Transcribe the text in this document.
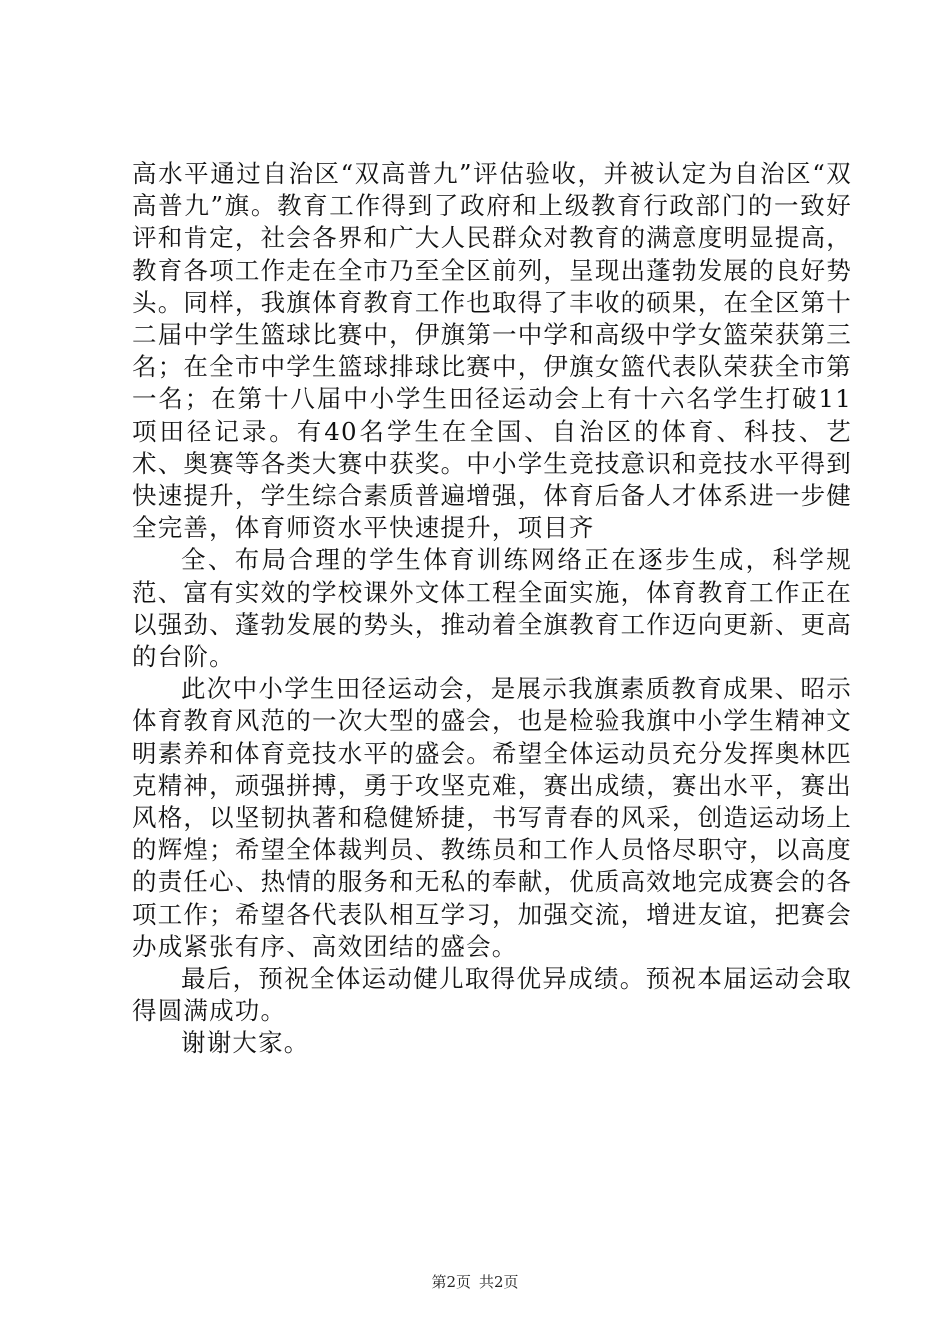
高水平通过自治区“双高普九”评估验收，并被认定为自治区“双高普九”旗。教育工作得到了政府和上级教育行政部门的一致好评和肯定，社会各界和广大人民群众对教育的满意度明显提高，教育各项工作走在全市乃至全区前列，呈现出蓬勃发展的良好势头。同样，我旗体育教育工作也取得了丰收的硕果，在全区第十二届中学生篮球比赛中，伊旗第一中学和高级中学女篮荣获第三名；在全市中学生篮球排球比赛中，伊旗女篮代表队荣获全市第一名；在第十八届中小学生田径运动会上有十六名学生打破11项田径记录。有40名学生在全国、自治区的体育、科技、艺术、奥赛等各类大赛中获奖。中小学生竞技意识和竞技水平得到快速提升，学生综合素质普遍增强，体育后备人才体系进一步健全完善，体育师资水平快速提升，项目齐

全、布局合理的学生体育训练网络正在逐步生成，科学规范、富有实效的学校课外文体工程全面实施，体育教育工作正在以强劲、蓬勃发展的势头，推动着全旗教育工作迈向更新、更高的台阶。

此次中小学生田径运动会，是展示我旗素质教育成果、昭示体育教育风范的一次大型的盛会，也是检验我旗中小学生精神文明素养和体育竞技水平的盛会。希望全体运动员充分发挥奥林匹克精神，顽强拼搏，勇于攻坚克难，赛出成绩，赛出水平，赛出风格，以坚韧执著和稳健矫捷，书写青春的风采，创造运动场上的辉煌；希望全体裁判员、教练员和工作人员恪尽职守，以高度的责任心、热情的服务和无私的奉献，优质高效地完成赛会的各项工作；希望各代表队相互学习，加强交流，增进友谊，把赛会办成紧张有序、高效团结的盛会。

最后，预祝全体运动健儿取得优异成绩。预祝本届运动会取得圆满成功。

谢谢大家。

第2页 共2页
